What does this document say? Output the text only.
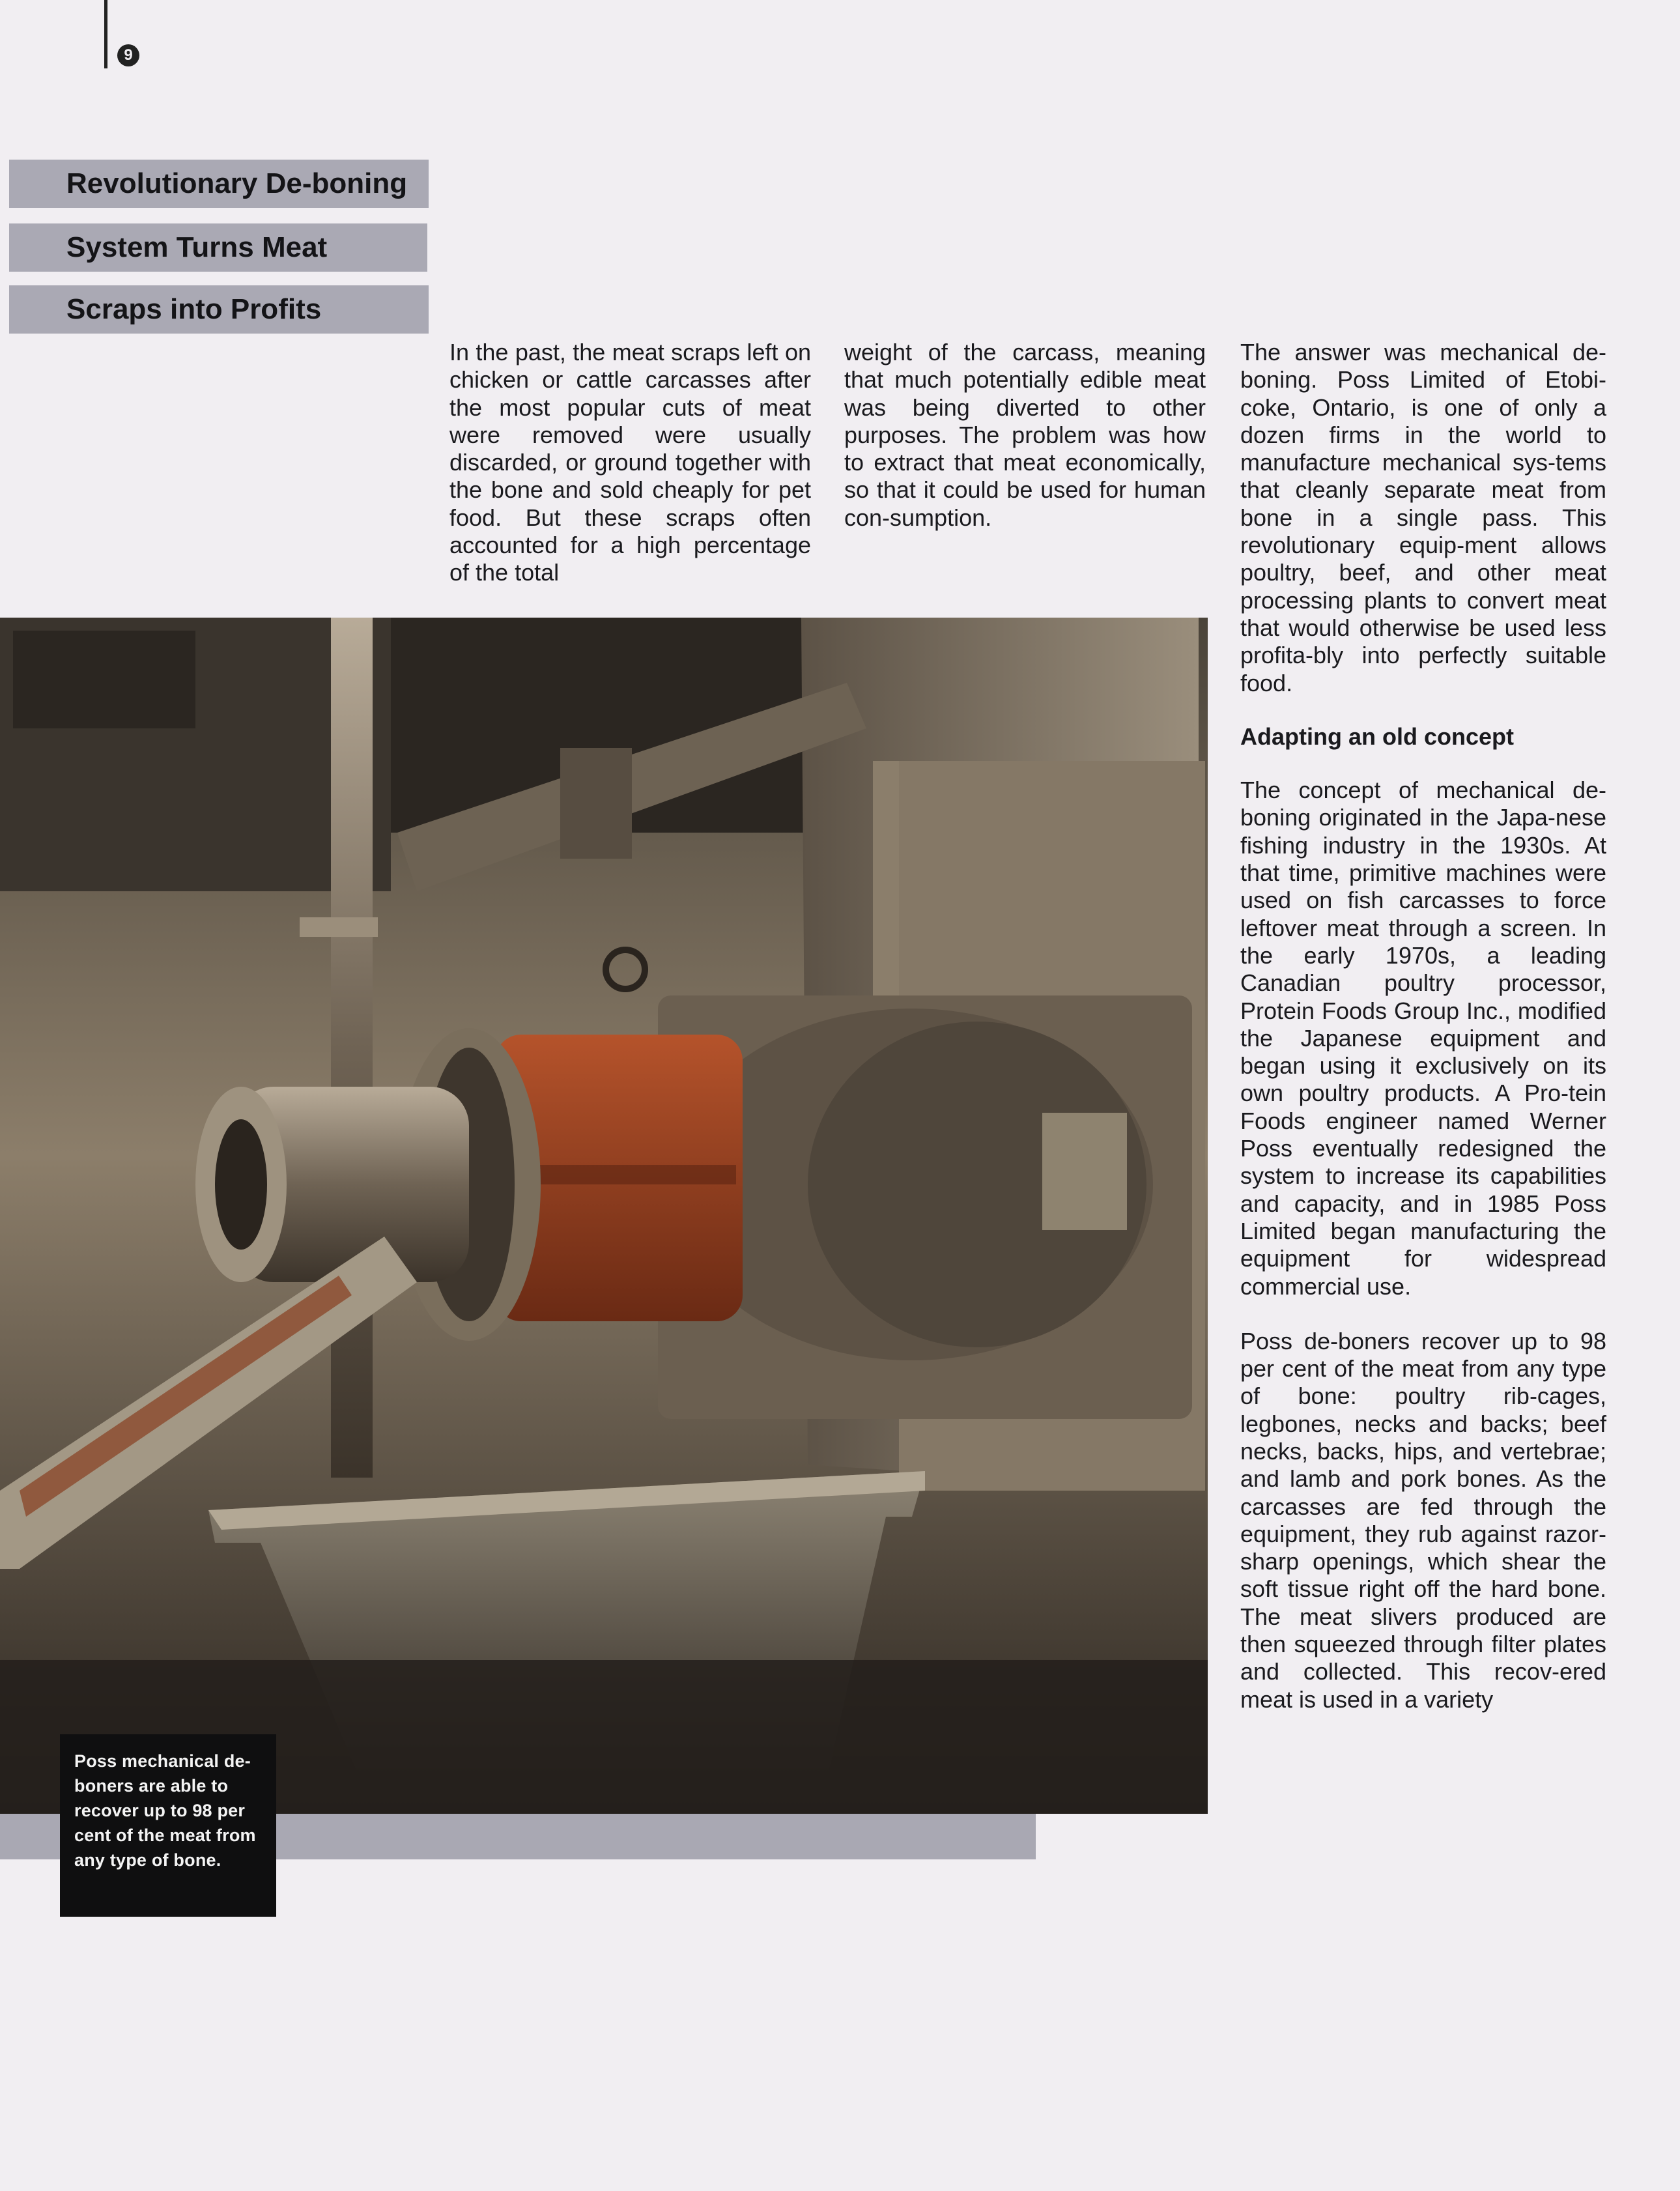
9
Revolutionary De-boning
System Turns Meat
Scraps into Profits

In the past, the meat scraps left on chicken or cattle carcasses after the most popular cuts of meat were removed were usually discarded, or ground together with the bone and sold cheaply for pet food. But these scraps often accounted for a high percentage of the total

weight of the carcass, meaning that much potentially edible meat was being diverted to other purposes. The problem was how to extract that meat economically, so that it could be used for human con-sumption.

The answer was mechanical de-boning. Poss Limited of Etobi-coke, Ontario, is one of only a dozen firms in the world to manufacture mechanical sys-tems that cleanly separate meat from bone in a single pass. This revolutionary equip-ment allows poultry, beef, and other meat processing plants to convert meat that would otherwise be used less profita-bly into perfectly suitable food.

Adapting an old concept

The concept of mechanical de-boning originated in the Japa-nese fishing industry in the 1930s. At that time, primitive machines were used on fish carcasses to force leftover meat through a screen. In the early 1970s, a leading Canadian poultry processor, Protein Foods Group Inc., modified the Japanese equipment and began using it exclusively on its own poultry products. A Pro-tein Foods engineer named Werner Poss eventually redesigned the system to increase its capabilities and capacity, and in 1985 Poss Limited began manufacturing the equipment for widespread commercial use.

Poss de-boners recover up to 98 per cent of the meat from any type of bone: poultry rib-cages, legbones, necks and backs; beef necks, backs, hips, and vertebrae; and lamb and pork bones. As the carcasses are fed through the equipment, they rub against razor-sharp openings, which shear the soft tissue right off the hard bone. The meat slivers produced are then squeezed through filter plates and collected. This recov-ered meat is used in a variety

Poss mechanical de-boners are able to recover up to 98 per cent of the meat from any type of bone.
